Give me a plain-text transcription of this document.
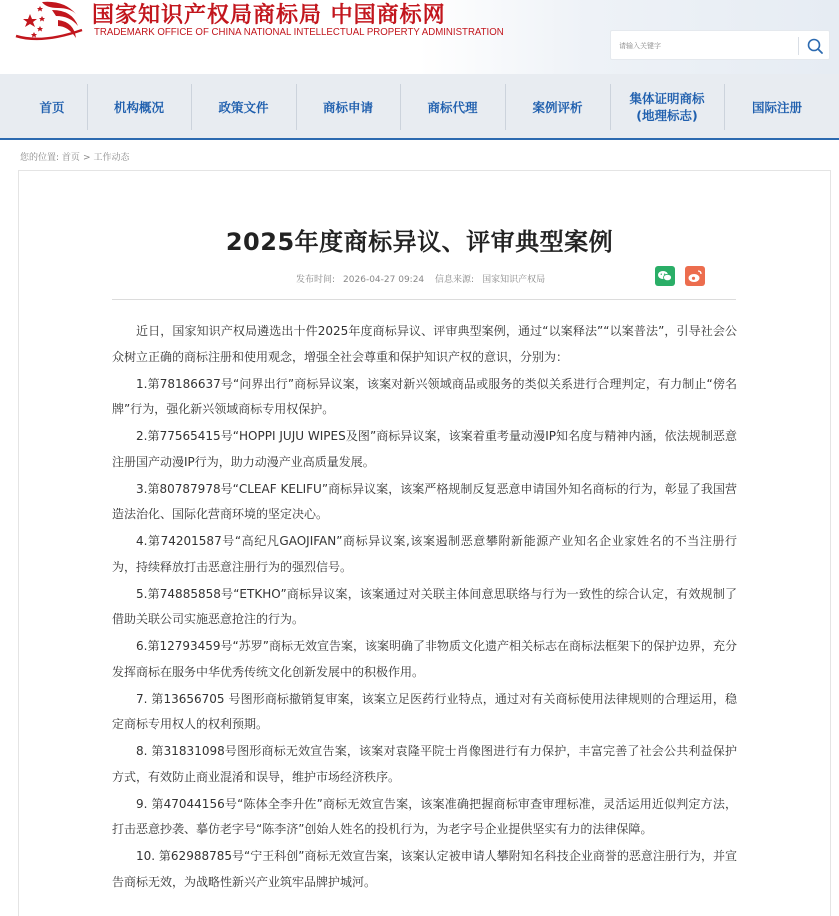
国家知识产权局商标局 中国商标网
TRADEMARK OFFICE OF CHINA NATIONAL INTELLECTUAL PROPERTY ADMINISTRATION
请输入关键字
首页	机构概况	政策文件	商标申请	商标代理	案例评析
集体证明商标
(地理标志)
国际注册
您的位置: 首页 > 工作动态
2025年度商标异议、评审典型案例
发布时间: 2026-04-27 09:24 信息来源: 国家知识产权局

近日，国家知识产权局遴选出十件2025年度商标异议、评审典型案例，通过“以案释法”“以案普法”，引导社会公众树立正确的商标注册和使用观念，增强全社会尊重和保护知识产权的意识，分别为：

1.第78186637号“问界出行”商标异议案，该案对新兴领域商品或服务的类似关系进行合理判定，有力制止“傍名牌”行为，强化新兴领域商标专用权保护。

2.第77565415号“HOPPI JUJU WIPES及图”商标异议案，该案着重考量动漫IP知名度与精神内涵，依法规制恶意注册国产动漫IP行为，助力动漫产业高质量发展。

3.第80787978号“CLEAF KELIFU”商标异议案，该案严格规制反复恶意申请国外知名商标的行为，彰显了我国营造法治化、国际化营商环境的坚定决心。

4.第74201587号“高纪凡GAOJIFAN”商标异议案,该案遏制恶意攀附新能源产业知名企业家姓名的不当注册行为，持续释放打击恶意注册行为的强烈信号。

5.第74885858号“ETKHO”商标异议案，该案通过对关联主体间意思联络与行为一致性的综合认定，有效规制了借助关联公司实施恶意抢注的行为。

6.第12793459号“苏罗”商标无效宣告案，该案明确了非物质文化遗产相关标志在商标法框架下的保护边界，充分发挥商标在服务中华优秀传统文化创新发展中的积极作用。

7. 第13656705 号图形商标撤销复审案，该案立足医药行业特点，通过对有关商标使用法律规则的合理运用，稳定商标专用权人的权利预期。

8. 第31831098号图形商标无效宣告案，该案对袁隆平院士肖像图进行有力保护，丰富完善了社会公共利益保护方式，有效防止商业混淆和误导，维护市场经济秩序。

9. 第47044156号“陈体全李升佐”商标无效宣告案，该案准确把握商标审查审理标准，灵活运用近似判定方法，打击恶意抄袭、摹仿老字号“陈李济”创始人姓名的投机行为，为老字号企业提供坚实有力的法律保障。

10. 第62988785号“宁王科创”商标无效宣告案，该案认定被申请人攀附知名科技企业商誉的恶意注册行为，并宣告商标无效，为战略性新兴产业筑牢品牌护城河。
